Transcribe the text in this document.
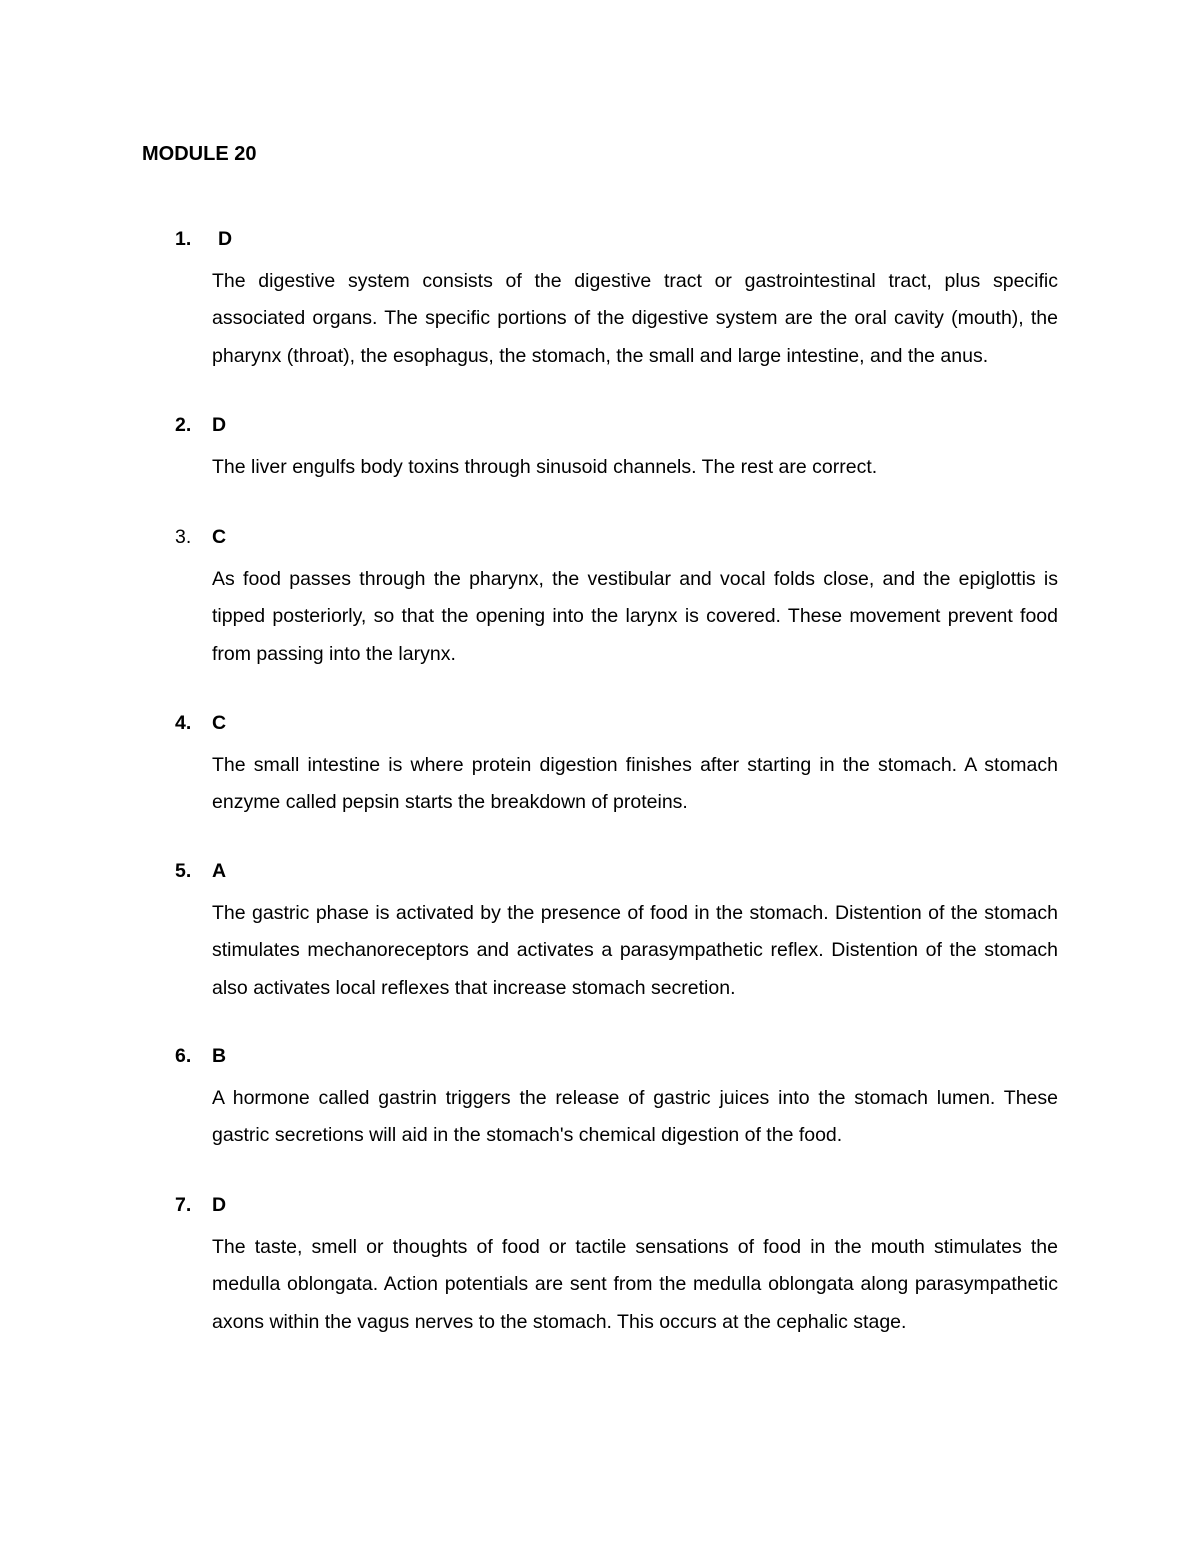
MODULE 20
1. D

The digestive system consists of the digestive tract or gastrointestinal tract, plus specific associated organs. The specific portions of the digestive system are the oral cavity (mouth), the pharynx (throat), the esophagus, the stomach, the small and large intestine, and the anus.

2. D

The liver engulfs body toxins through sinusoid channels. The rest are correct.

3. C

As food passes through the pharynx, the vestibular and vocal folds close, and the epiglottis is tipped posteriorly, so that the opening into the larynx is covered. These movement prevent food from passing into the larynx.

4. C

The small intestine is where protein digestion finishes after starting in the stomach. A stomach enzyme called pepsin starts the breakdown of proteins.

5. A

The gastric phase is activated by the presence of food in the stomach. Distention of the stomach stimulates mechanoreceptors and activates a parasympathetic reflex. Distention of the stomach also activates local reflexes that increase stomach secretion.

6. B

A hormone called gastrin triggers the release of gastric juices into the stomach lumen. These gastric secretions will aid in the stomach's chemical digestion of the food.

7. D

The taste, smell or thoughts of food or tactile sensations of food in the mouth stimulates the medulla oblongata. Action potentials are sent from the medulla oblongata along parasympathetic axons within the vagus nerves to the stomach. This occurs at the cephalic stage.
